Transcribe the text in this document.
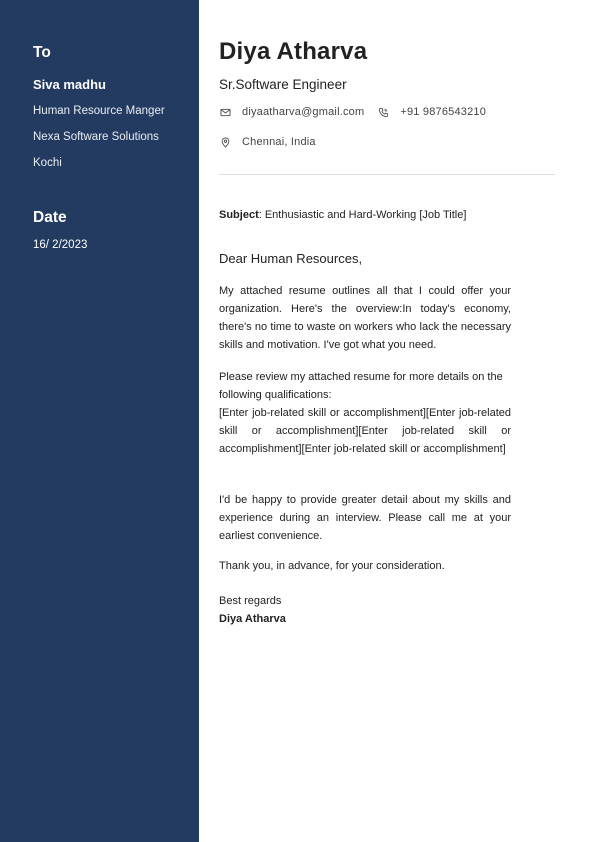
To
Siva madhu
Human Resource Manger
Nexa Software Solutions
Kochi
Date
16/ 2/2023
Diya Atharva
Sr.Software Engineer
diyaatharva@gmail.com	+91 9876543210
Chennai, India
Subject: Enthusiastic and Hard-Working [Job Title]
Dear Human Resources,

My attached resume outlines all that I could offer your organization. Here's the overview:In today's economy, there's no time to waste on workers who lack the necessary skills and motivation. I've got what you need.

Please review my attached resume for more details on the following qualifications:

[Enter job-related skill or accomplishment][Enter job-related skill or accomplishment][Enter job-related skill or accomplishment][Enter job-related skill or accomplishment]

I'd be happy to provide greater detail about my skills and experience during an interview. Please call me at your earliest convenience.

Thank you, in advance, for your consideration.

Best regards
Diya Atharva
